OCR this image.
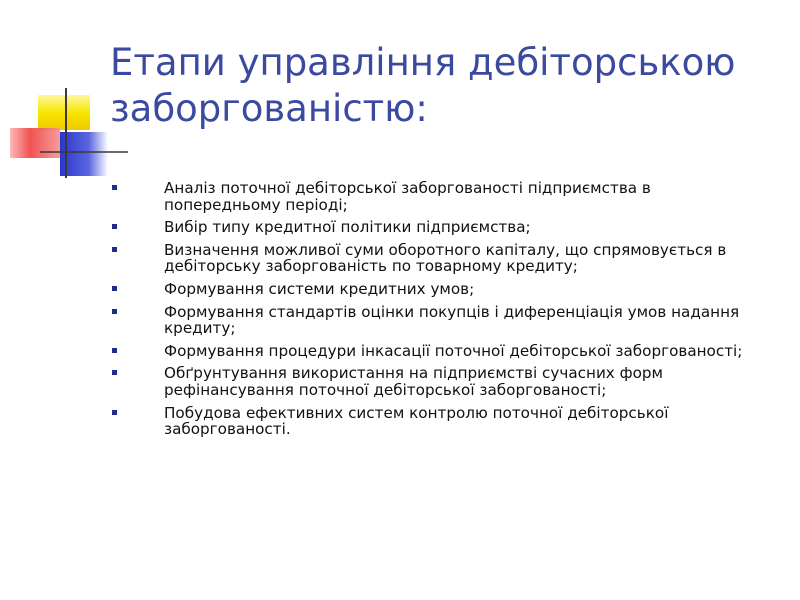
Етапи управління дебіторською заборгованістю:
Аналіз поточної дебіторської заборгованості підприємства в попередньому періоді;
Вибір типу кредитної політики підприємства;
Визначення можливої суми оборотного капіталу, що спрямовується в дебіторську заборгованість по товарному кредиту;
Формування системи кредитних умов;
Формування стандартів оцінки покупців і диференціація умов надання кредиту;
Формування процедури інкасації поточної дебіторської заборгованості;
Обґрунтування використання на підприємстві сучасних форм рефінансування поточної дебіторської заборгованості;
Побудова ефективних систем контролю поточної дебіторської заборгованості.
